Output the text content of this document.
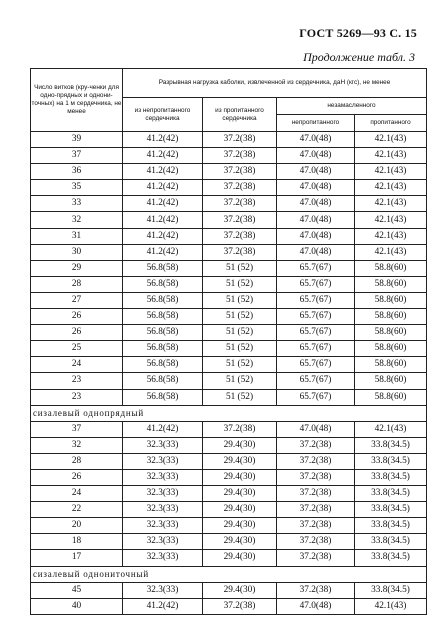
ГОСТ 5269—93 С. 15
Продолжение табл. 3
Число витков (кру-ченки для одно-прядных и однони-точных) на 1 м сердечника, не менее	Разрывная нагрузка каболки, извлеченной из сердечника, даН (кгс), не менее			
	из непропитанного сердечника	из пропитанного сердечника	незамасленного	
			непропитанного	пропитанного
39	41.2(42)	37.2(38)	47.0(48)	42.1(43)
37	41.2(42)	37.2(38)	47.0(48)	42.1(43)
36	41.2(42)	37.2(38)	47.0(48)	42.1(43)
35	41.2(42)	37.2(38)	47.0(48)	42.1(43)
33	41.2(42)	37.2(38)	47.0(48)	42.1(43)
32	41.2(42)	37.2(38)	47.0(48)	42.1(43)
31	41.2(42)	37.2(38)	47.0(48)	42.1(43)
30	41.2(42)	37.2(38)	47.0(48)	42.1(43)
29	56.8(58)	51 (52)	65.7(67)	58.8(60)
28	56.8(58)	51 (52)	65.7(67)	58.8(60)
27	56.8(58)	51 (52)	65.7(67)	58.8(60)
26	56.8(58)	51 (52)	65.7(67)	58.8(60)
26	56.8(58)	51 (52)	65.7(67)	58.8(60)
25	56.8(58)	51 (52)	65.7(67)	58.8(60)
24	56.8(58)	51 (52)	65.7(67)	58.8(60)
23	56.8(58)	51 (52)	65.7(67)	58.8(60)
23	56.8(58)	51 (52)	65.7(67)	58.8(60)
сизалевый однопрядный				
37	41.2(42)	37.2(38)	47.0(48)	42.1(43)
32	32.3(33)	29.4(30)	37.2(38)	33.8(34.5)
28	32.3(33)	29.4(30)	37.2(38)	33.8(34.5)
26	32.3(33)	29.4(30)	37.2(38)	33.8(34.5)
24	32.3(33)	29.4(30)	37.2(38)	33.8(34.5)
22	32.3(33)	29.4(30)	37.2(38)	33.8(34.5)
20	32.3(33)	29.4(30)	37.2(38)	33.8(34.5)
18	32.3(33)	29.4(30)	37.2(38)	33.8(34.5)
17	32.3(33)	29.4(30)	37.2(38)	33.8(34.5)
сизалевый однониточный				
45	32.3(33)	29.4(30)	37.2(38)	33.8(34.5)
40	41.2(42)	37.2(38)	47.0(48)	42.1(43)
